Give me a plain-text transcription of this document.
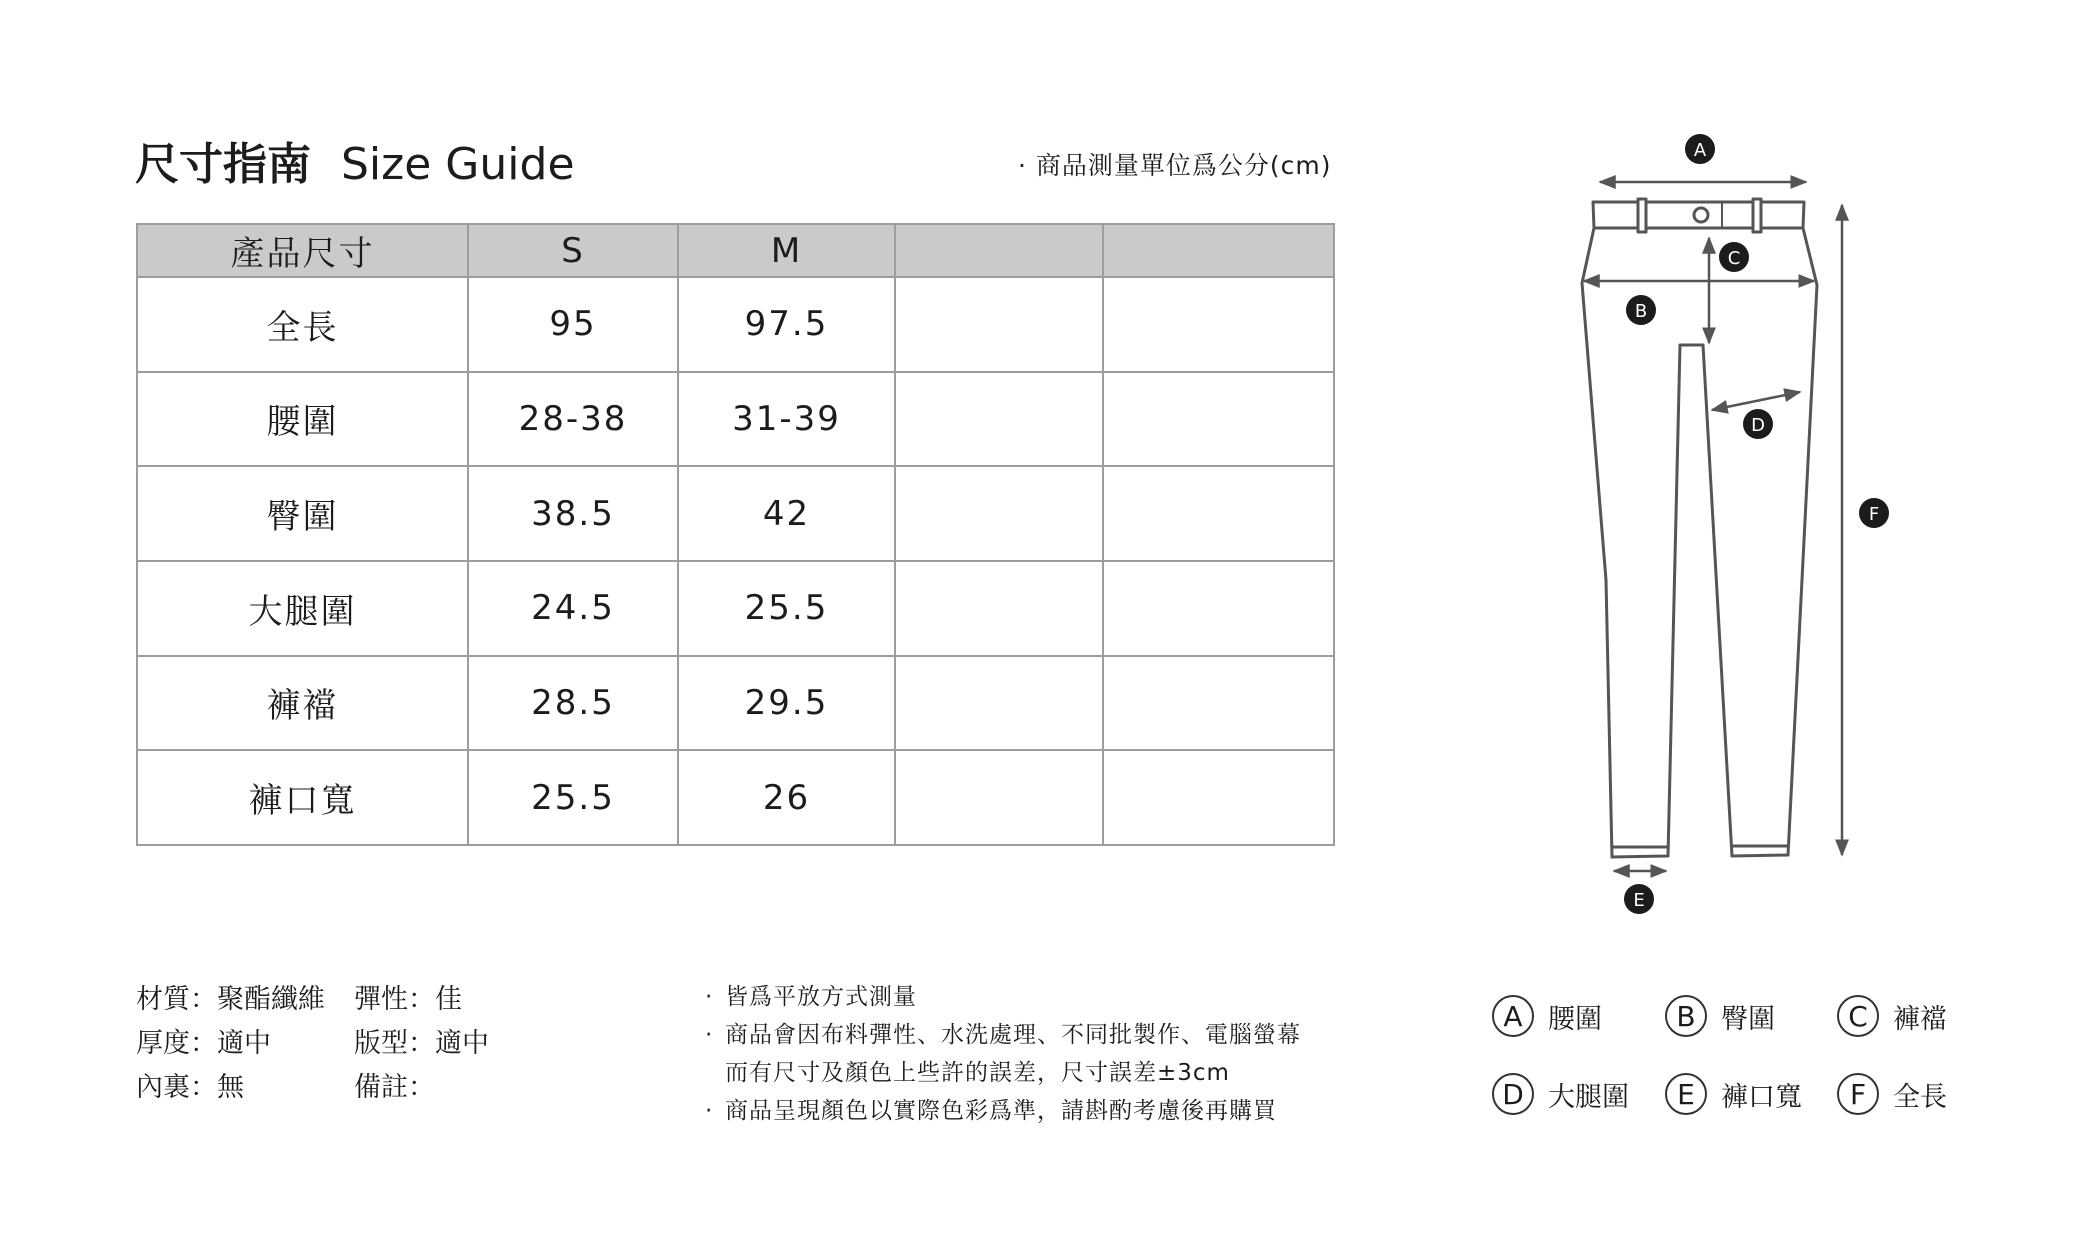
尺寸指南 Size Guide	· 商品測量單位爲公分(cm)
產品尺寸	S	M		
全長	95	97.5		
腰圍	28-38	31-39		
臀圍	38.5	42		
大腿圍	24.5	25.5		
褲襠	28.5	29.5		
褲口寬	25.5	26		
材質：聚酯纖維	彈性：佳
厚度：適中	版型：適中
內裏：無	備註：
· 皆爲平放方式測量
· 商品會因布料彈性、水洗處理、不同批製作、電腦螢幕
而有尺寸及顏色上些許的誤差，尺寸誤差±3cm
· 商品呈現顏色以實際色彩爲準，請斟酌考慮後再購買
A
B
C
D
E
F
A 腰圍	B 臀圍	C 褲襠
D 大腿圍	E 褲口寬	F 全長
